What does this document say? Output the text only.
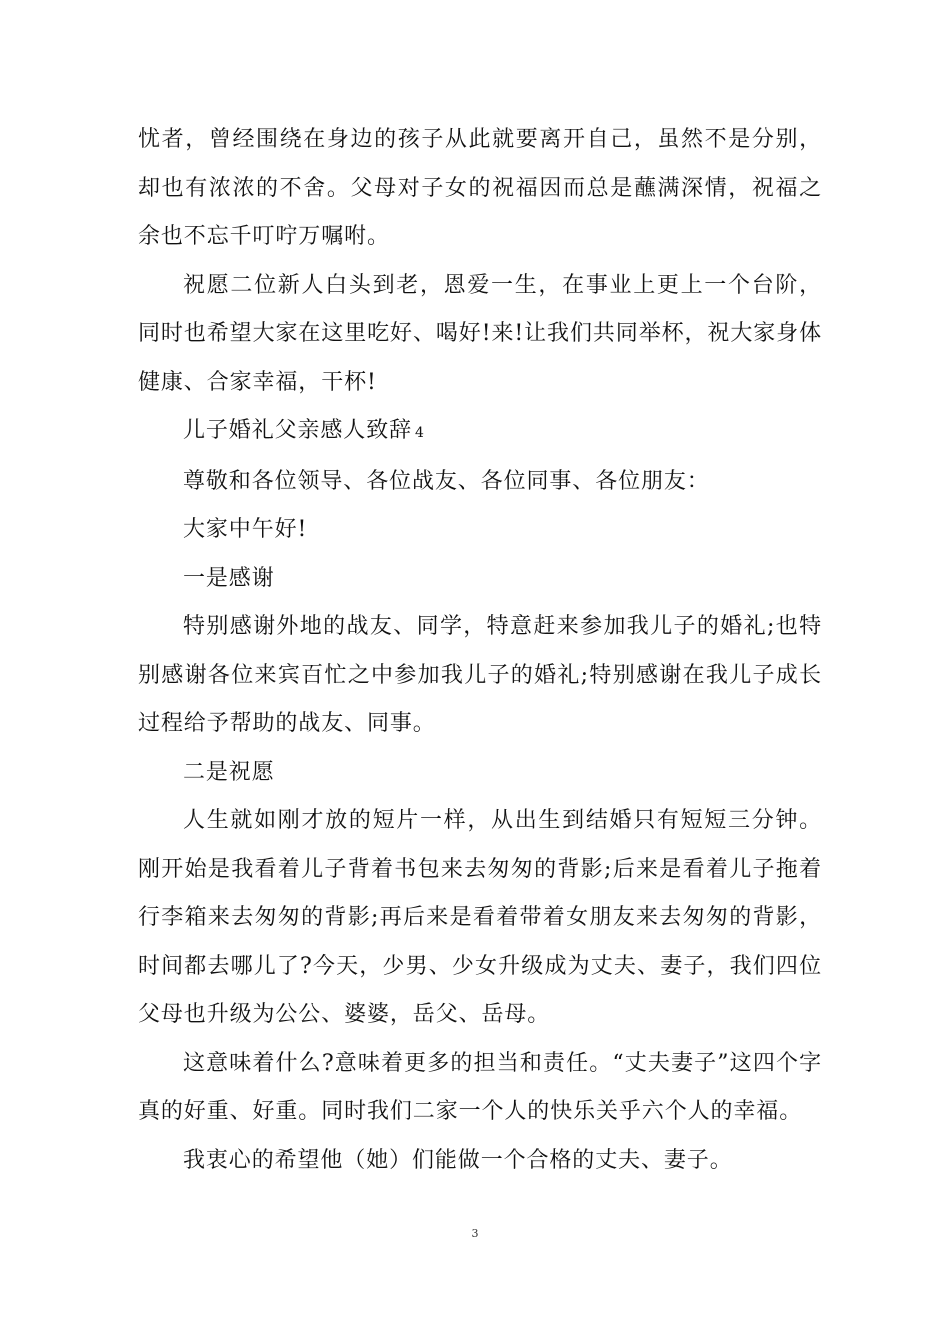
忧者，曾经围绕在身边的孩子从此就要离开自己，虽然不是分别，却也有浓浓的不舍。父母对子女的祝福因而总是蘸满深情，祝福之余也不忘千叮咛万嘱咐。

祝愿二位新人白头到老，恩爱一生，在事业上更上一个台阶，同时也希望大家在这里吃好、喝好!来!让我们共同举杯，祝大家身体健康、合家幸福，干杯!

儿子婚礼父亲感人致辞 4

尊敬和各位领导、各位战友、各位同事、各位朋友：

大家中午好!

一是感谢

特别感谢外地的战友、同学，特意赶来参加我儿子的婚礼;也特别感谢各位来宾百忙之中参加我儿子的婚礼;特别感谢在我儿子成长过程给予帮助的战友、同事。

二是祝愿

人生就如刚才放的短片一样，从出生到结婚只有短短三分钟。刚开始是我看着儿子背着书包来去匆匆的背影;后来是看着儿子拖着行李箱来去匆匆的背影;再后来是看着带着女朋友来去匆匆的背影，时间都去哪儿了?今天，少男、少女升级成为丈夫、妻子，我们四位父母也升级为公公、婆婆，岳父、岳母。

这意味着什么?意味着更多的担当和责任。“丈夫妻子”这四个字真的好重、好重。同时我们二家一个人的快乐关乎六个人的幸福。

我衷心的希望他（她）们能做一个合格的丈夫、妻子。

3
